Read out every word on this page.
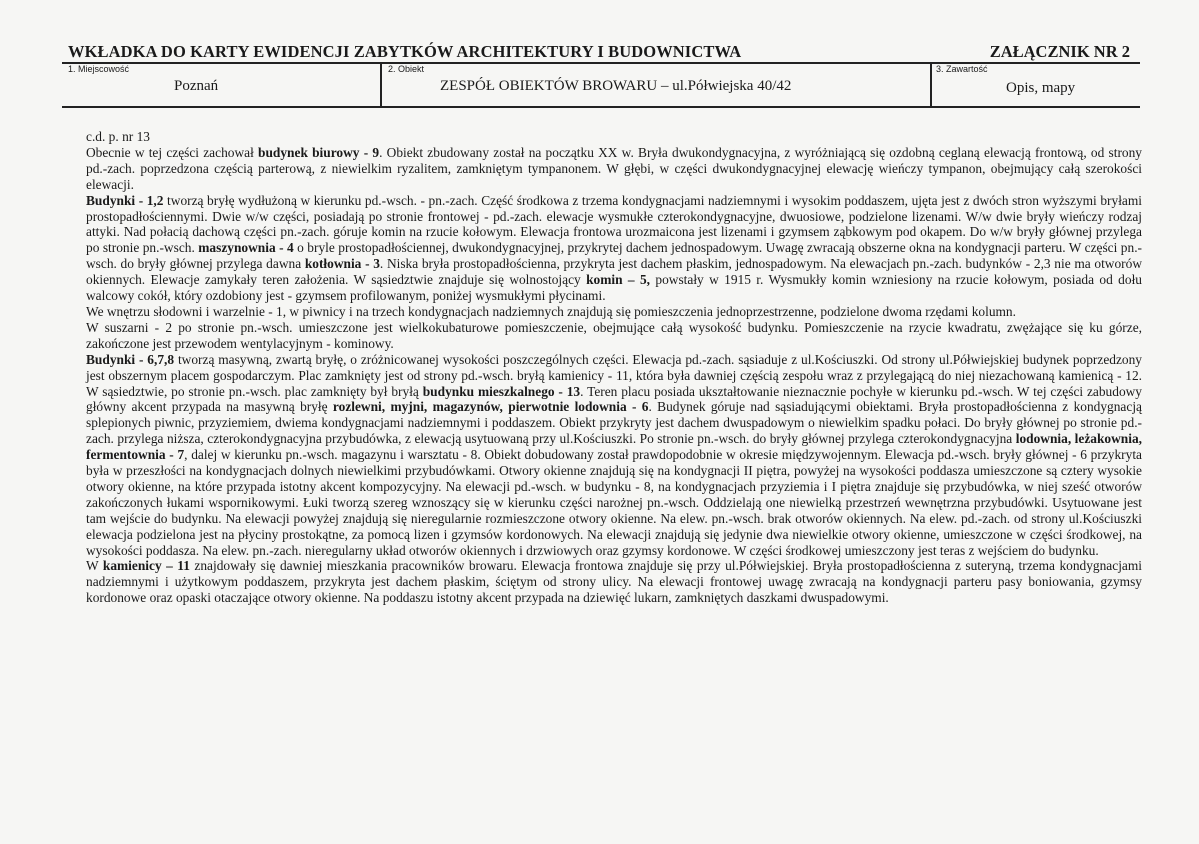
WKŁADKA DO KARTY EWIDENCJI ZABYTKÓW ARCHITEKTURY I BUDOWNICTWA	ZAŁĄCZNIK NR 2
1. Miejscowość
Poznań
2. Obiekt
ZESPÓŁ OBIEKTÓW BROWARU – ul.Półwiejska 40/42
3. Zawartość
Opis, mapy

c.d. p. nr 13

Obecnie w tej części zachował budynek biurowy - 9. Obiekt zbudowany został na początku XX w. Bryła dwukondygnacyjna, z wyróżniającą się ozdobną ceglaną elewacją frontową, od strony pd.-zach. poprzedzona częścią parterową, z niewielkim ryzalitem, zamkniętym tympanonem. W głębi, w części dwukondygnacyjnej elewację wieńczy tympanon, obejmujący całą szerokości elewacji.

Budynki - 1,2 tworzą bryłę wydłużoną w kierunku pd.-wsch. - pn.-zach. Część środkowa z trzema kondygnacjami nadziemnymi i wysokim poddaszem, ujęta jest z dwóch stron wyższymi bryłami prostopadłościennymi. Dwie w/w części, posiadają po stronie frontowej - pd.-zach. elewacje wysmukłe czterokondygnacyjne, dwuosiowe, podzielone lizenami. W/w dwie bryły wieńczy rodzaj attyki. Nad połacią dachową części pn.-zach. góruje komin na rzucie kołowym. Elewacja frontowa urozmaicona jest lizenami i gzymsem ząbkowym pod okapem. Do w/w bryły głównej przylega po stronie pn.-wsch. maszynownia - 4 o bryle prostopadłościennej, dwukondygnacyjnej, przykrytej dachem jednospadowym. Uwagę zwracają obszerne okna na kondygnacji parteru. W części pn.-wsch. do bryły głównej przylega dawna kotłownia - 3. Niska bryła prostopadłościenna, przykryta jest dachem płaskim, jednospadowym. Na elewacjach pn.-zach. budynków - 2,3 nie ma otworów okiennych. Elewacje zamykały teren założenia. W sąsiedztwie znajduje się wolnostojący komin – 5, powstały w 1915 r. Wysmukły komin wzniesiony na rzucie kołowym, posiada od dołu walcowy cokół, który ozdobiony jest - gzymsem profilowanym, poniżej wysmukłymi płycinami.

We wnętrzu słodowni i warzelnie - 1, w piwnicy i na trzech kondygnacjach nadziemnych znajdują się pomieszczenia jednoprzestrzenne, podzielone dwoma rzędami kolumn.

W suszarni - 2 po stronie pn.-wsch. umieszczone jest wielkokubaturowe pomieszczenie, obejmujące całą wysokość budynku. Pomieszczenie na rzycie kwadratu, zwężające się ku górze, zakończone jest przewodem wentylacyjnym - kominowy.

Budynki - 6,7,8 tworzą masywną, zwartą bryłę, o zróżnicowanej wysokości poszczególnych części. Elewacja pd.-zach. sąsiaduje z ul.Kościuszki. Od strony ul.Półwiejskiej budynek poprzedzony jest obszernym placem gospodarczym. Plac zamknięty jest od strony pd.-wsch. bryłą kamienicy - 11, która była dawniej częścią zespołu wraz z przylegającą do niej niezachowaną kamienicą - 12. W sąsiedztwie, po stronie pn.-wsch. plac zamknięty był bryłą budynku mieszkalnego - 13. Teren placu posiada ukształtowanie nieznacznie pochyłe w kierunku pd.-wsch. W tej części zabudowy główny akcent przypada na masywną bryłę rozlewni, myjni, magazynów, pierwotnie lodownia - 6. Budynek góruje nad sąsiadującymi obiektami. Bryła prostopadłościenna z kondygnacją splepionych piwnic, przyziemiem, dwiema kondygnacjami nadziemnymi i poddaszem. Obiekt przykryty jest dachem dwuspadowym o niewielkim spadku połaci. Do bryły głównej po stronie pd.-zach. przylega niższa, czterokondygnacyjna przybudówka, z elewacją usytuowaną przy ul.Kościuszki. Po stronie pn.-wsch. do bryły głównej przylega czterokondygnacyjna lodownia, leżakownia, fermentownia - 7, dalej w kierunku pn.-wsch. magazynu i warsztatu - 8. Obiekt dobudowany został prawdopodobnie w okresie międzywojennym. Elewacja pd.-wsch. bryły głównej - 6 przykryta była w przeszłości na kondygnacjach dolnych niewielkimi przybudówkami. Otwory okienne znajdują się na kondygnacji II piętra, powyżej na wysokości poddasza umieszczone są cztery wysokie otwory okienne, na które przypada istotny akcent kompozycyjny. Na elewacji pd.-wsch. w budynku - 8, na kondygnacjach przyziemia i I piętra znajduje się przybudówka, w niej sześć otworów zakończonych łukami wspornikowymi. Łuki tworzą szereg wznoszący się w kierunku części narożnej pn.-wsch. Oddzielają one niewielką przestrzeń wewnętrzna przybudówki. Usytuowane jest tam wejście do budynku. Na elewacji powyżej znajdują się nieregularnie rozmieszczone otwory okienne. Na elew. pn.-wsch. brak otworów okiennych. Na elew. pd.-zach. od strony ul.Kościuszki elewacja podzielona jest na płyciny prostokątne, za pomocą lizen i gzymsów kordonowych. Na elewacji znajdują się jedynie dwa niewielkie otwory okienne, umieszczone w części środkowej, na wysokości poddasza. Na elew. pn.-zach. nieregularny układ otworów okiennych i drzwiowych oraz gzymsy kordonowe. W części środkowej umieszczony jest teras z wejściem do budynku.

W kamienicy – 11 znajdowały się dawniej mieszkania pracowników browaru. Elewacja frontowa znajduje się przy ul.Półwiejskiej. Bryła prostopadłościenna z suteryną, trzema kondygnacjami nadziemnymi i użytkowym poddaszem, przykryta jest dachem płaskim, ściętym od strony ulicy. Na elewacji frontowej uwagę zwracają na kondygnacji parteru pasy boniowania, gzymsy kordonowe oraz opaski otaczające otwory okienne. Na poddaszu istotny akcent przypada na dziewięć lukarn, zamkniętych daszkami dwuspadowymi.
